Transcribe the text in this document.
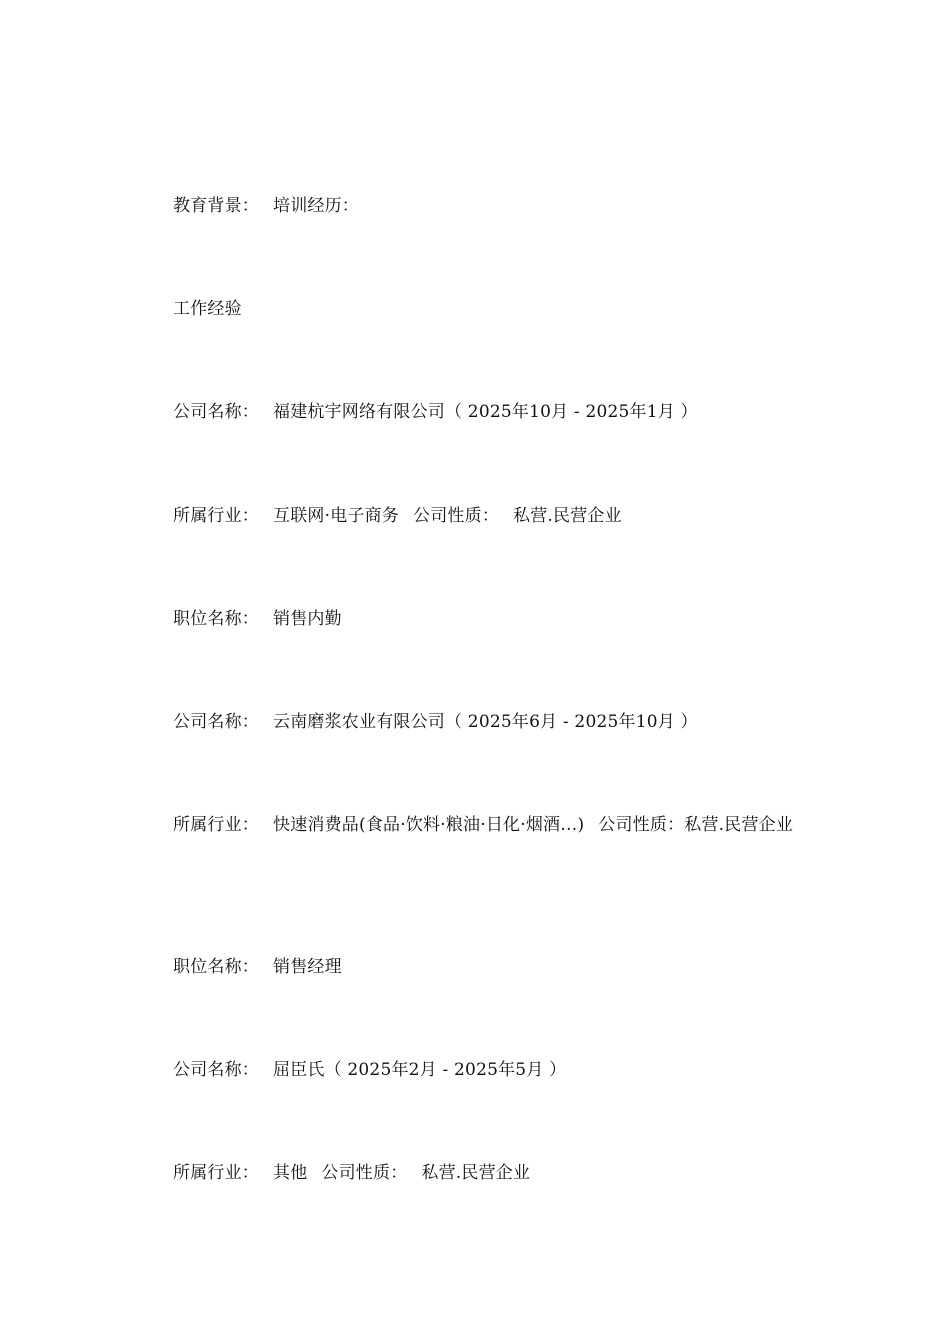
教育背景： 培训经历：
工作经验
公司名称： 福建杭宇网络有限公司（ 2025年10月 - 2025年1月 ）
所属行业： 互联网·电子商务 公司性质： 私营.民营企业
职位名称： 销售内勤
公司名称： 云南磨浆农业有限公司（ 2025年6月 - 2025年10月 ）
所属行业： 快速消费品(食品·饮料·粮油·日化·烟酒…) 公司性质：私营.民营企业
职位名称： 销售经理
公司名称： 屈臣氏（ 2025年2月 - 2025年5月 ）
所属行业： 其他 公司性质： 私营.民营企业
